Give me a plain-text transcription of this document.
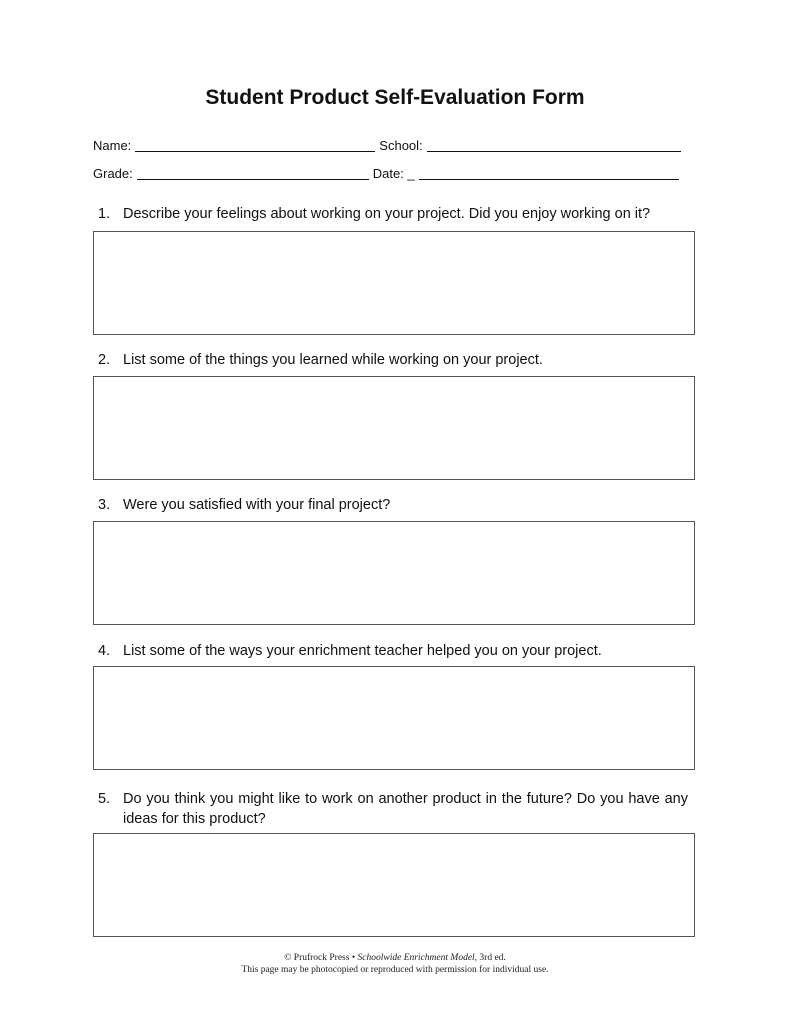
Student Product Self-Evaluation Form
Name:	School:
Grade:	Date: _
1. Describe your feelings about working on your project. Did you enjoy working on it?
2. List some of the things you learned while working on your project.
3. Were you satisfied with your final project?
4. List some of the ways your enrichment teacher helped you on your project.
5. Do you think you might like to work on another product in the future? Do you have any ideas for this product?
© Prufrock Press • Schoolwide Enrichment Model, 3rd ed.
This page may be photocopied or reproduced with permission for individual use.
